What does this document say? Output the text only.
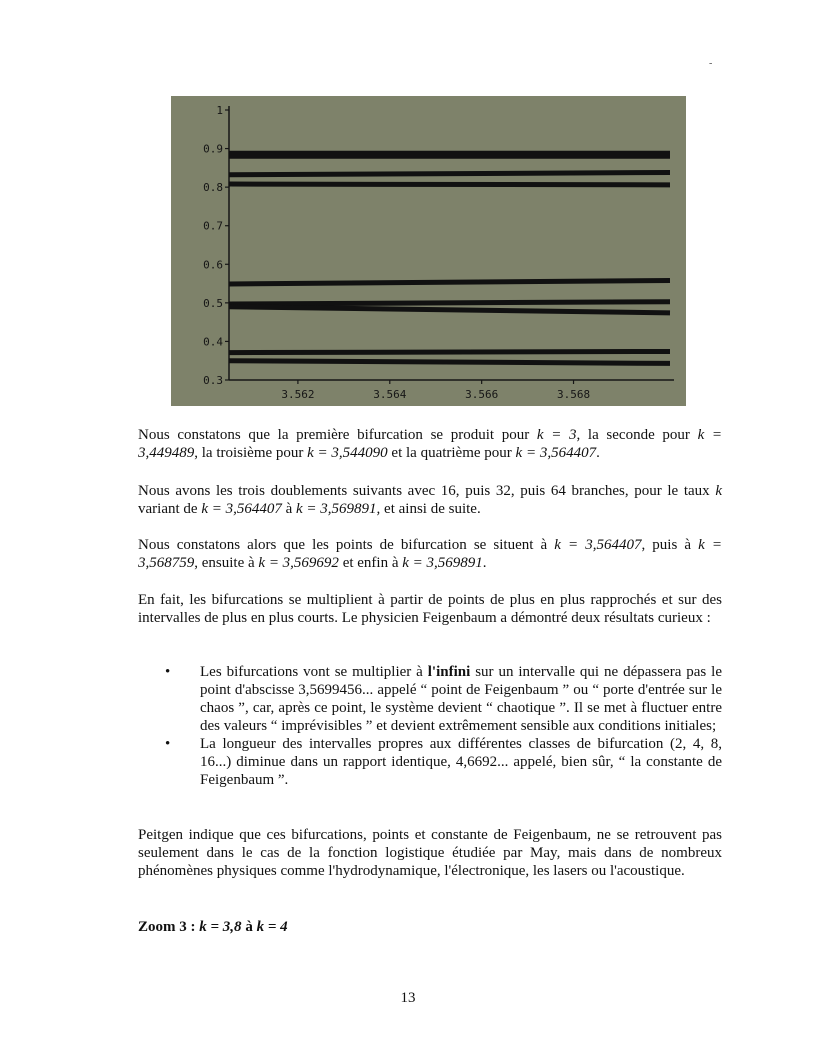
-
0.3
0.4
0.5
0.6
0.7
0.8
0.9
1
3.562	3.564	3.566	3.568

Nous constatons que la première bifurcation se produit pour k = 3, la seconde pour k = 3,449489, la troisième pour k = 3,544090 et la quatrième pour k = 3,564407.

Nous avons les trois doublements suivants avec 16, puis 32, puis 64 branches, pour le taux k variant de k = 3,564407 à k = 3,569891, et ainsi de suite.

Nous constatons alors que les points de bifurcation se situent à k = 3,564407, puis à k = 3,568759, ensuite à k = 3,569692 et enfin à k = 3,569891.

En fait, les bifurcations se multiplient à partir de points de plus en plus rapprochés et sur des intervalles de plus en plus courts. Le physicien Feigenbaum a démontré deux résultats curieux :

• Les bifurcations vont se multiplier à l'infini sur un intervalle qui ne dépassera pas le point d'abscisse 3,5699456... appelé “ point de Feigenbaum ” ou “ porte d'entrée sur le chaos ”, car, après ce point, le système devient “ chaotique ”. Il se met à fluctuer entre des valeurs “ imprévisibles ” et devient extrêmement sensible aux conditions initiales;
• La longueur des intervalles propres aux différentes classes de bifurcation (2, 4, 8, 16...) diminue dans un rapport identique, 4,6692... appelé, bien sûr, “ la constante de Feigenbaum ”.

Peitgen indique que ces bifurcations, points et constante de Feigenbaum, ne se retrouvent pas seulement dans le cas de la fonction logistique étudiée par May, mais dans de nombreux phénomènes physiques comme l'hydrodynamique, l'électronique, les lasers ou l'acoustique.

Zoom 3 : k = 3,8 à k = 4
13
